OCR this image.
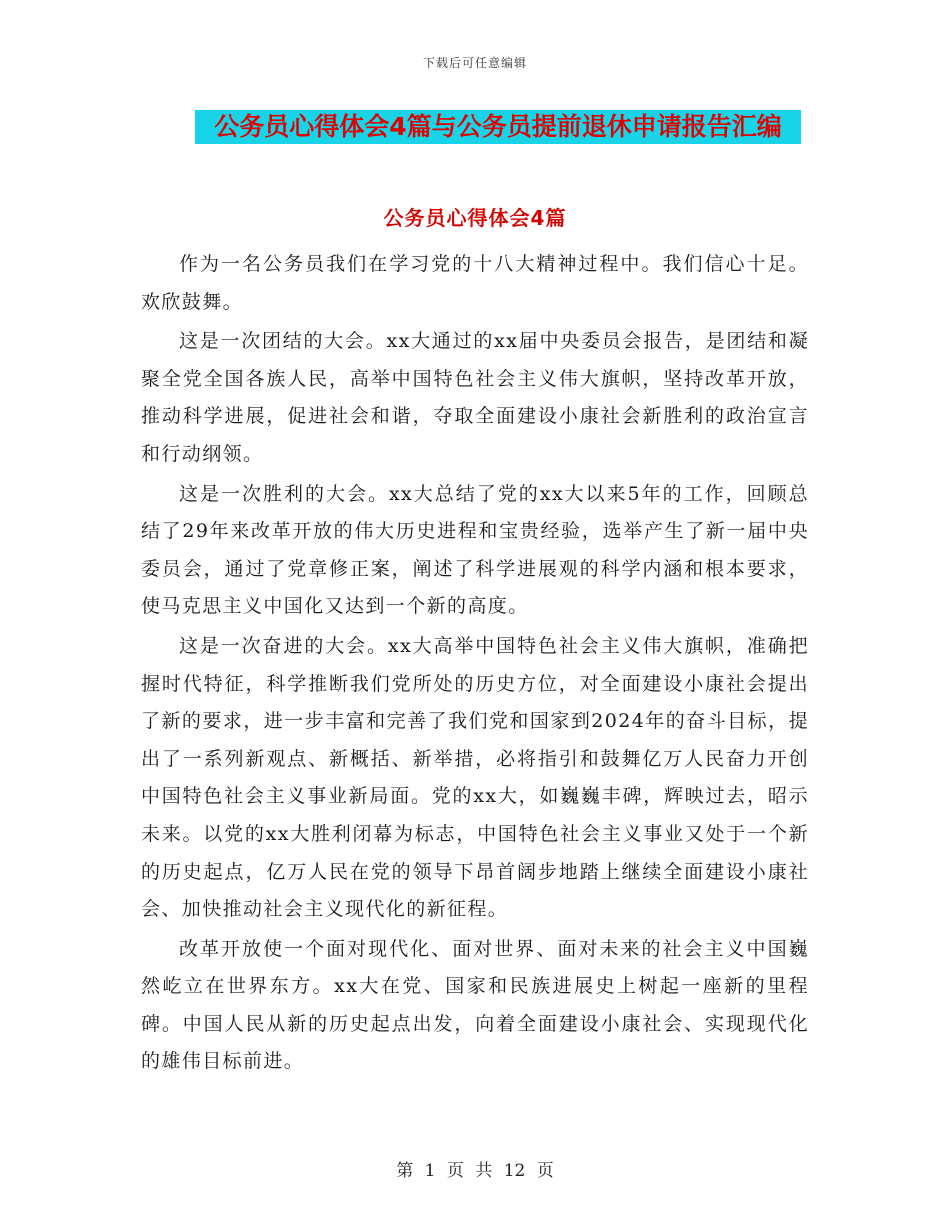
下载后可任意编辑
公务员心得体会4篇与公务员提前退休申请报告汇编
公务员心得体会4篇

作为一名公务员我们在学习党的十八大精神过程中。我们信心十足。欢欣鼓舞。

这是一次团结的大会。xx大通过的xx届中央委员会报告，是团结和凝聚全党全国各族人民，高举中国特色社会主义伟大旗帜，坚持改革开放，推动科学进展，促进社会和谐，夺取全面建设小康社会新胜利的政治宣言和行动纲领。

这是一次胜利的大会。xx大总结了党的xx大以来5年的工作，回顾总结了29年来改革开放的伟大历史进程和宝贵经验，选举产生了新一届中央委员会，通过了党章修正案，阐述了科学进展观的科学内涵和根本要求，使马克思主义中国化又达到一个新的高度。

这是一次奋进的大会。xx大高举中国特色社会主义伟大旗帜，准确把握时代特征，科学推断我们党所处的历史方位，对全面建设小康社会提出了新的要求，进一步丰富和完善了我们党和国家到2024年的奋斗目标，提出了一系列新观点、新概括、新举措，必将指引和鼓舞亿万人民奋力开创中国特色社会主义事业新局面。党的xx大，如巍巍丰碑，辉映过去，昭示未来。以党的xx大胜利闭幕为标志，中国特色社会主义事业又处于一个新的历史起点，亿万人民在党的领导下昂首阔步地踏上继续全面建设小康社会、加快推动社会主义现代化的新征程。

改革开放使一个面对现代化、面对世界、面对未来的社会主义中国巍然屹立在世界东方。xx大在党、国家和民族进展史上树起一座新的里程碑。中国人民从新的历史起点出发，向着全面建设小康社会、实现现代化的雄伟目标前进。

第 1 页 共 12 页
